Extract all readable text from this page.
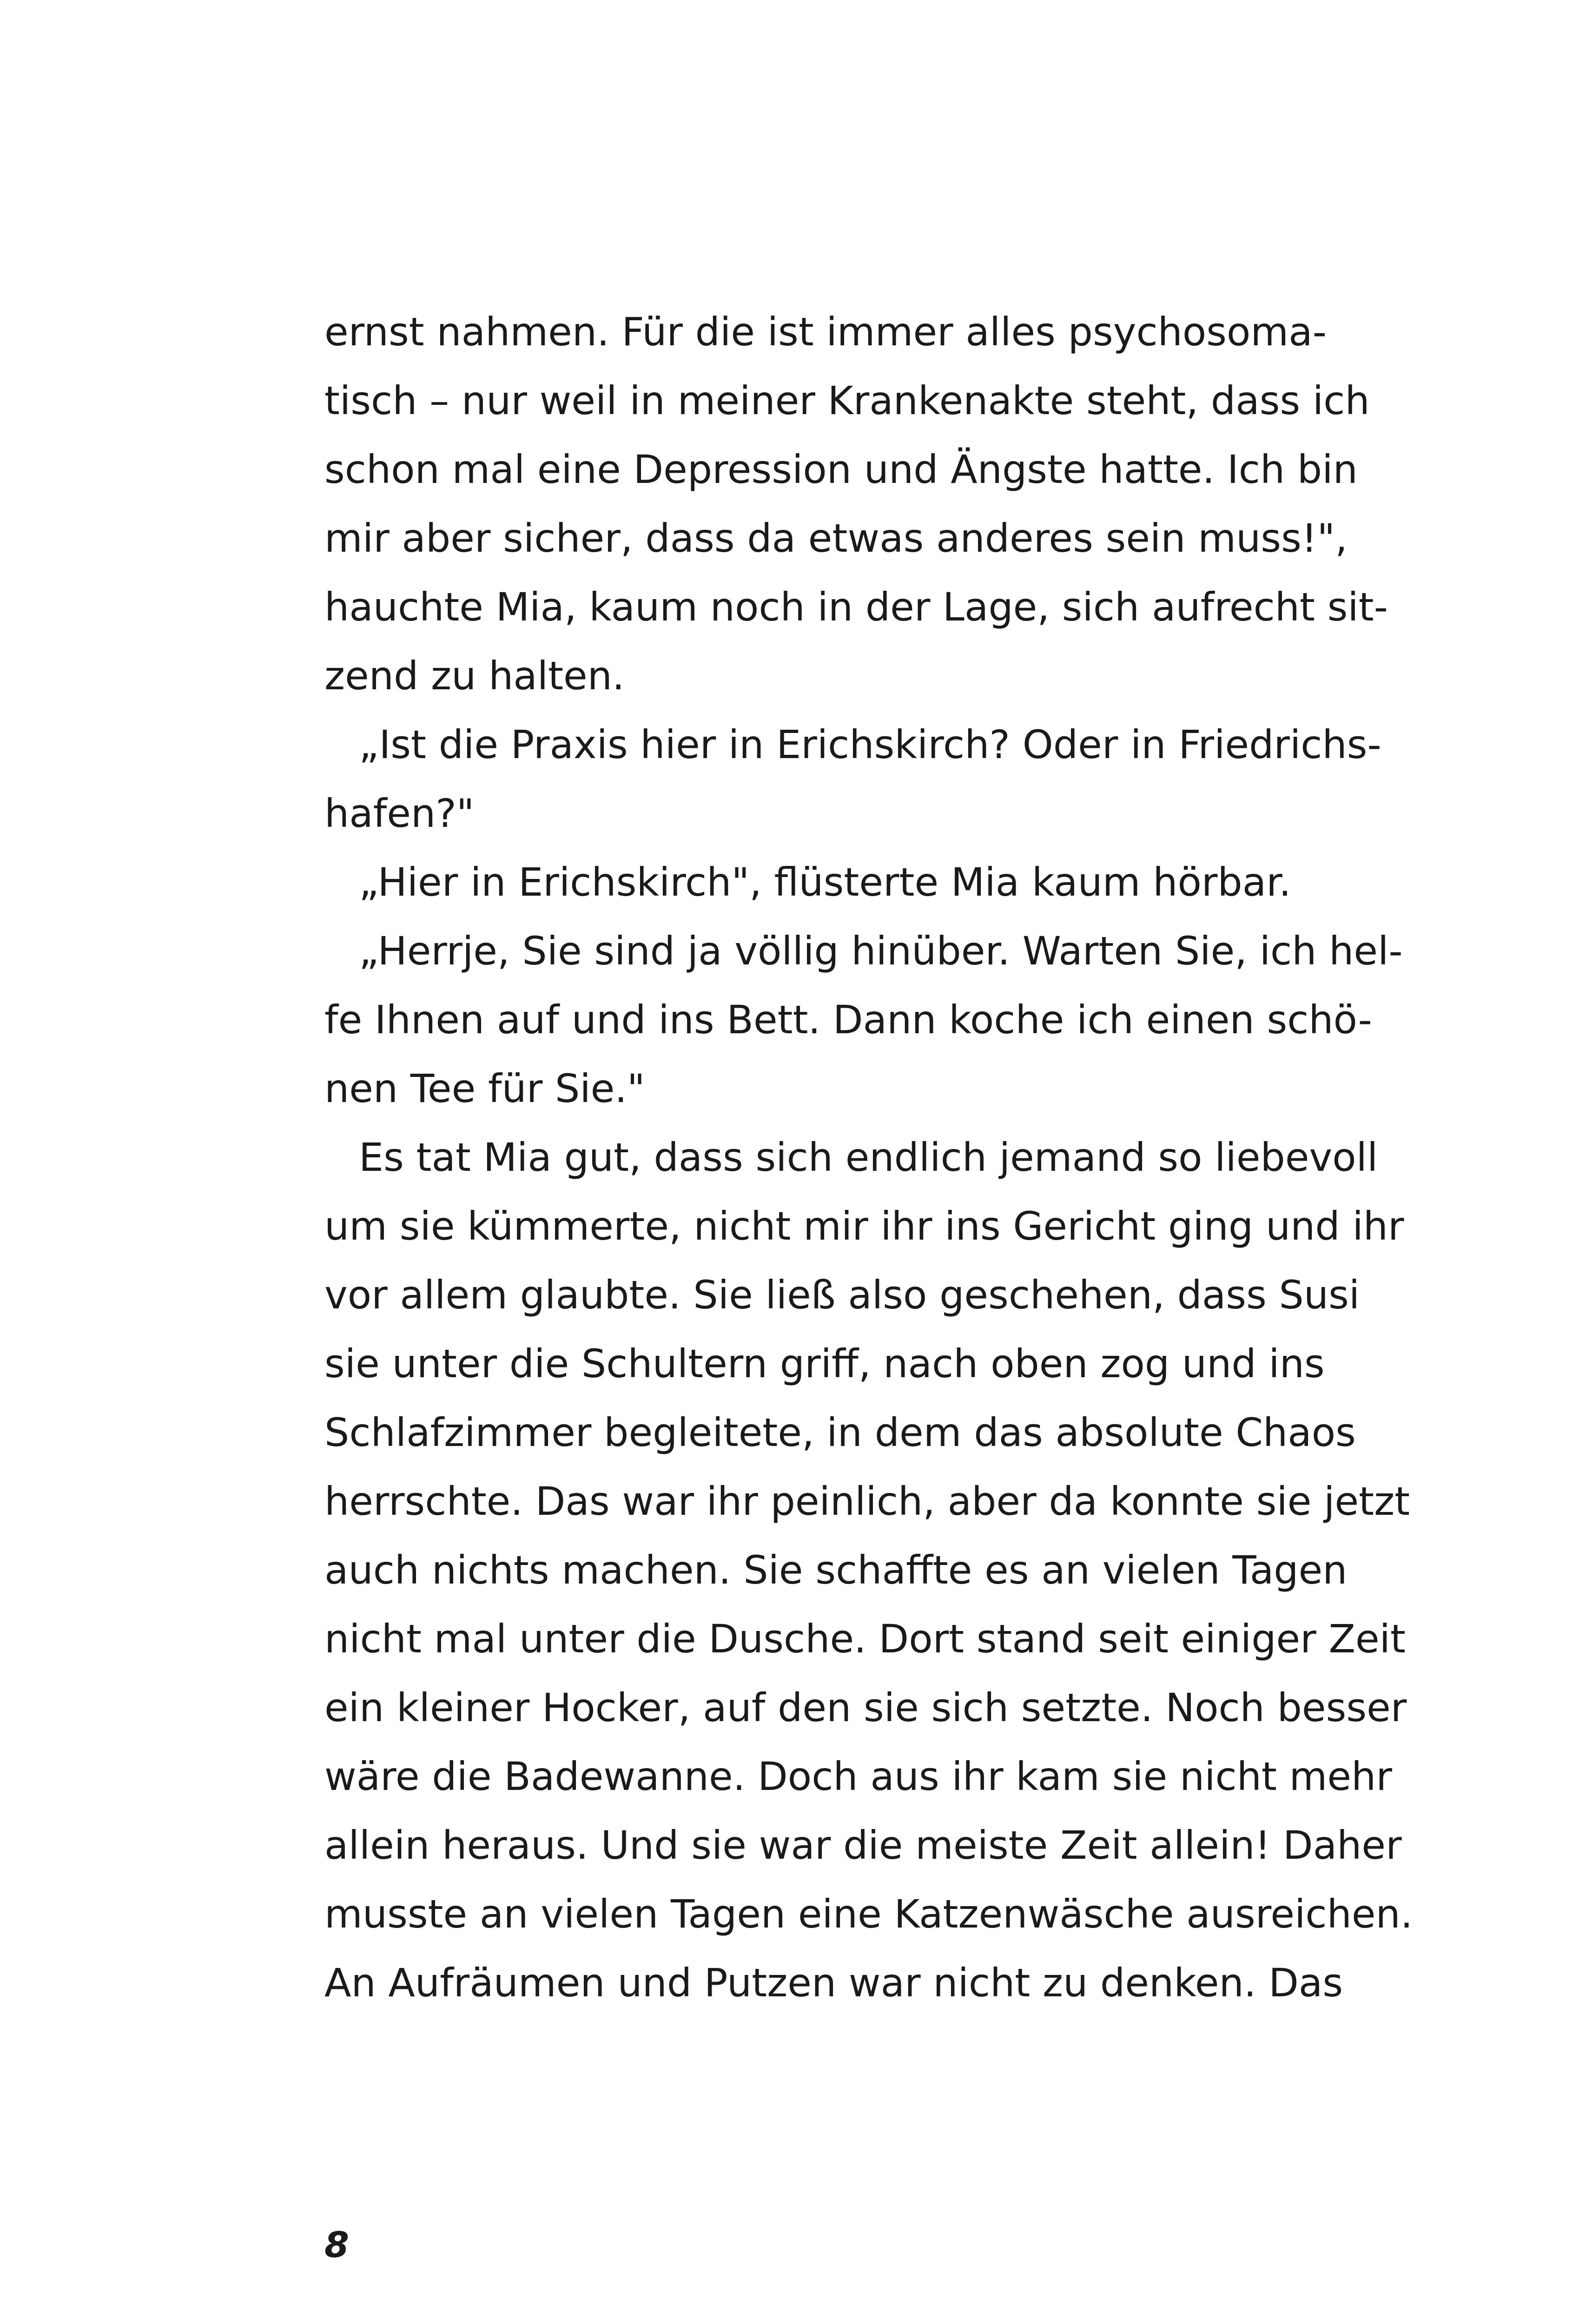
ernst nahmen. Für die ist immer alles psychosoma-
tisch – nur weil in meiner Krankenakte steht, dass ich
schon mal eine Depression und Ängste hatte. Ich bin
mir aber sicher, dass da etwas anderes sein muss!",
hauchte Mia, kaum noch in der Lage, sich aufrecht sit-
zend zu halten.
„Ist die Praxis hier in Erichskirch? Oder in Friedrichs-
hafen?"
„Hier in Erichskirch", flüsterte Mia kaum hörbar.
„Herrje, Sie sind ja völlig hinüber. Warten Sie, ich hel-
fe Ihnen auf und ins Bett. Dann koche ich einen schö-
nen Tee für Sie."
Es tat Mia gut, dass sich endlich jemand so liebevoll
um sie kümmerte, nicht mir ihr ins Gericht ging und ihr
vor allem glaubte. Sie ließ also geschehen, dass Susi
sie unter die Schultern griff, nach oben zog und ins
Schlafzimmer begleitete, in dem das absolute Chaos
herrschte. Das war ihr peinlich, aber da konnte sie jetzt
auch nichts machen. Sie schaffte es an vielen Tagen
nicht mal unter die Dusche. Dort stand seit einiger Zeit
ein kleiner Hocker, auf den sie sich setzte. Noch besser
wäre die Badewanne. Doch aus ihr kam sie nicht mehr
allein heraus. Und sie war die meiste Zeit allein! Daher
musste an vielen Tagen eine Katzenwäsche ausreichen.
An Aufräumen und Putzen war nicht zu denken. Das
8
